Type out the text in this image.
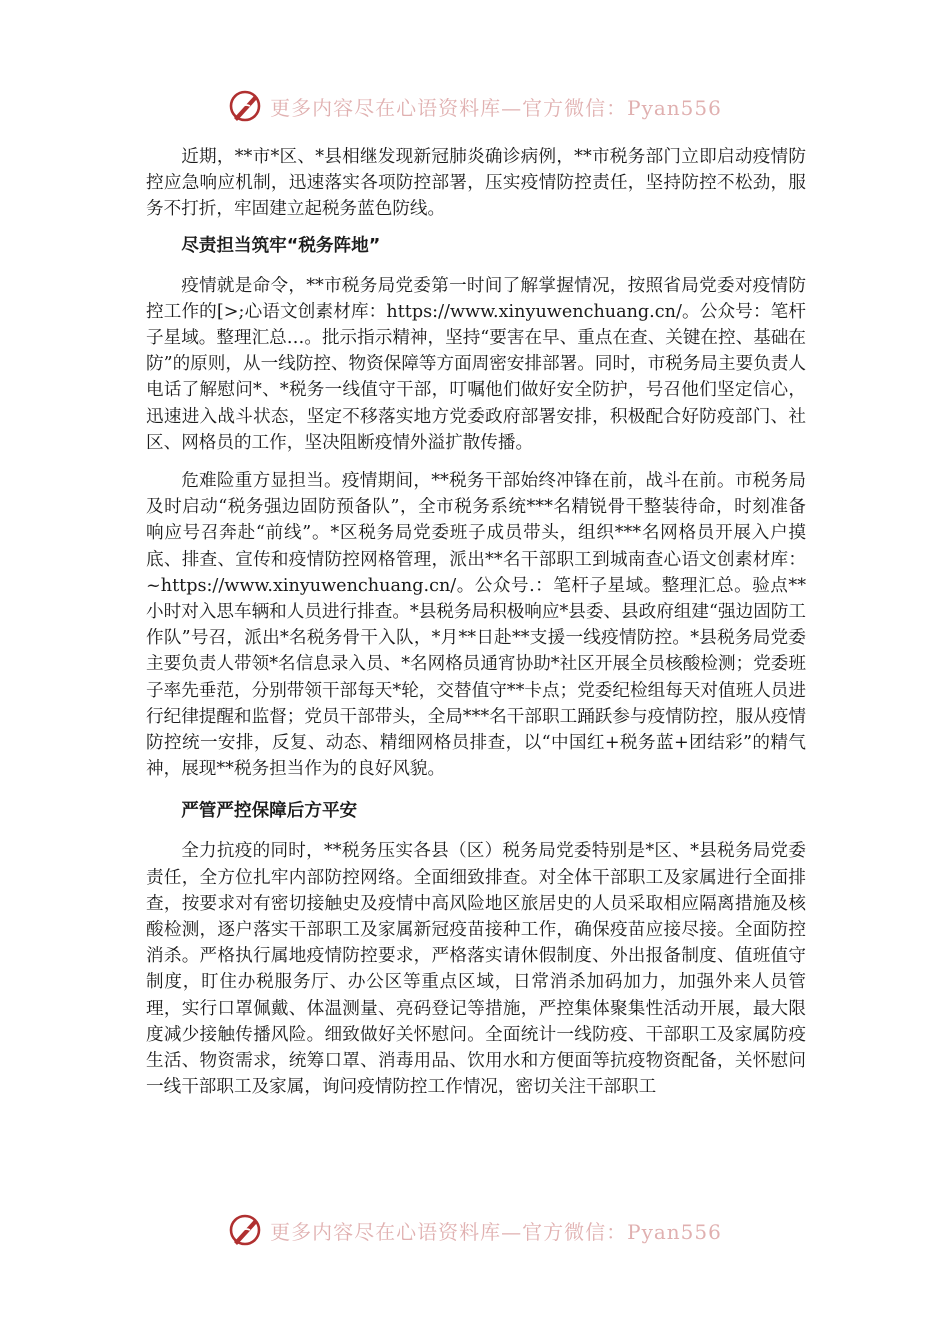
更多内容尽在心语资料库—官方微信：Pyan556

近期，**市*区、*县相继发现新冠肺炎确诊病例，**市税务部门立即启动疫情防控应急响应机制，迅速落实各项防控部署，压实疫情防控责任，坚持防控不松劲，服务不打折，牢固建立起税务蓝色防线。

尽责担当筑牢“税务阵地”

疫情就是命令，**市税务局党委第一时间了解掌握情况，按照省局党委对疫情防控工作的[>;心语文创素材库：https://www.xinyuwenchuang.cn/。公众号：笔杆子星域。整理汇总…。批示指示精神，坚持“要害在早、重点在查、关键在控、基础在防”的原则，从一线防控、物资保障等方面周密安排部署。同时，市税务局主要负责人电话了解慰问*、*税务一线值守干部，叮嘱他们做好安全防护，号召他们坚定信心，迅速进入战斗状态，坚定不移落实地方党委政府部署安排，积极配合好防疫部门、社区、网格员的工作，坚决阻断疫情外溢扩散传播。

危难险重方显担当。疫情期间，**税务干部始终冲锋在前，战斗在前。市税务局及时启动“税务强边固防预备队”，全市税务系统***名精锐骨干整装待命，时刻准备响应号召奔赴“前线”。*区税务局党委班子成员带头，组织***名网格员开展入户摸底、排查、宣传和疫情防控网格管理，派出**名干部职工到城南查心语文创素材库：~https://www.xinyuwenchuang.cn/。公众号.：笔杆子星域。整理汇总。验点**小时对入思车辆和人员进行排查。*县税务局积极响应*县委、县政府组建“强边固防工作队”号召，派出*名税务骨干入队，*月**日赴**支援一线疫情防控。*县税务局党委主要负责人带领*名信息录入员、*名网格员通宵协助*社区开展全员核酸检测；党委班子率先垂范，分别带领干部每天*轮，交替值守**卡点；党委纪检组每天对值班人员进行纪律提醒和监督；党员干部带头，全局***名干部职工踊跃参与疫情防控，服从疫情防控统一安排，反复、动态、精细网格员排查，以“中国红+税务蓝+团结彩”的精气神，展现**税务担当作为的良好风貌。

严管严控保障后方平安

全力抗疫的同时，**税务压实各县（区）税务局党委特别是*区、*县税务局党委责任，全方位扎牢内部防控网络。全面细致排查。对全体干部职工及家属进行全面排查，按要求对有密切接触史及疫情中高风险地区旅居史的人员采取相应隔离措施及核酸检测，逐户落实干部职工及家属新冠疫苗接种工作，确保疫苗应接尽接。全面防控消杀。严格执行属地疫情防控要求，严格落实请休假制度、外出报备制度、值班值守制度，盯住办税服务厅、办公区等重点区域，日常消杀加码加力，加强外来人员管理，实行口罩佩戴、体温测量、亮码登记等措施，严控集体聚集性活动开展，最大限度减少接触传播风险。细致做好关怀慰问。全面统计一线防疫、干部职工及家属防疫生活、物资需求，统筹口罩、消毒用品、饮用水和方便面等抗疫物资配备，关怀慰问一线干部职工及家属，询问疫情防控工作情况，密切关注干部职工

更多内容尽在心语资料库—官方微信：Pyan556
